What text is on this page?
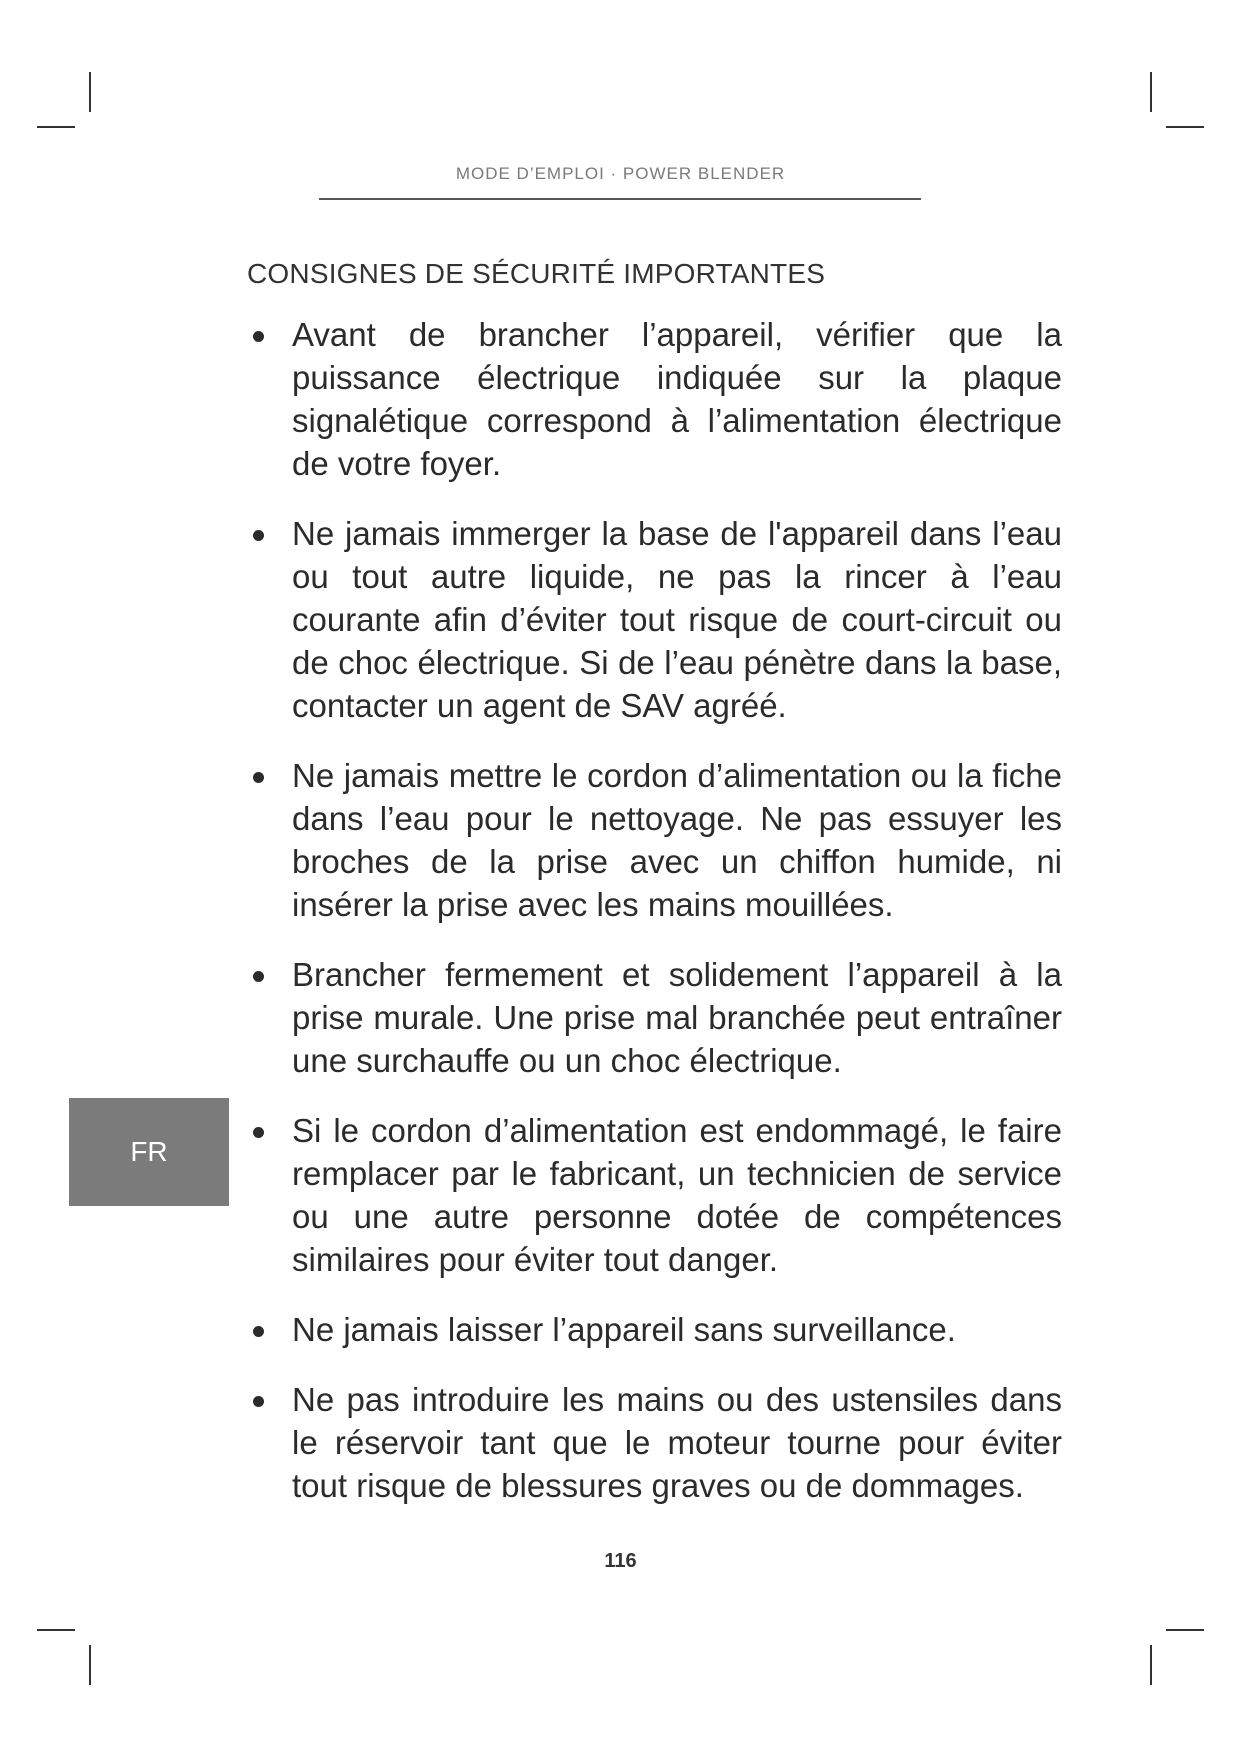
MODE D’EMPLOI · POWER BLENDER
CONSIGNES DE SÉCURITÉ IMPORTANTES
Avant de brancher l’appareil, vérifier que la puissance électrique indiquée sur la plaque signalétique correspond à l’alimentation électrique de votre foyer.
Ne jamais immerger la base de l'appareil dans l’eau ou tout autre liquide, ne pas la rincer à l’eau courante afin d’éviter tout risque de court-circuit ou de choc électrique. Si de l’eau pénètre dans la base, contacter un agent de SAV agréé.
Ne jamais mettre le cordon d’alimentation ou la fiche dans l’eau pour le nettoyage. Ne pas essuyer les broches de la prise avec un chiffon humide, ni insérer la prise avec les mains mouillées.
Brancher fermement et solidement l’appareil à la prise murale. Une prise mal branchée peut entraîner une surchauffe ou un choc électrique.
Si le cordon d’alimentation est endommagé, le faire remplacer par le fabricant, un technicien de service ou une autre personne dotée de compétences similaires pour éviter tout danger.
Ne jamais laisser l’appareil sans surveillance.
Ne pas introduire les mains ou des ustensiles dans le réservoir tant que le moteur tourne pour éviter tout risque de blessures graves ou de dommages.
FR
116
